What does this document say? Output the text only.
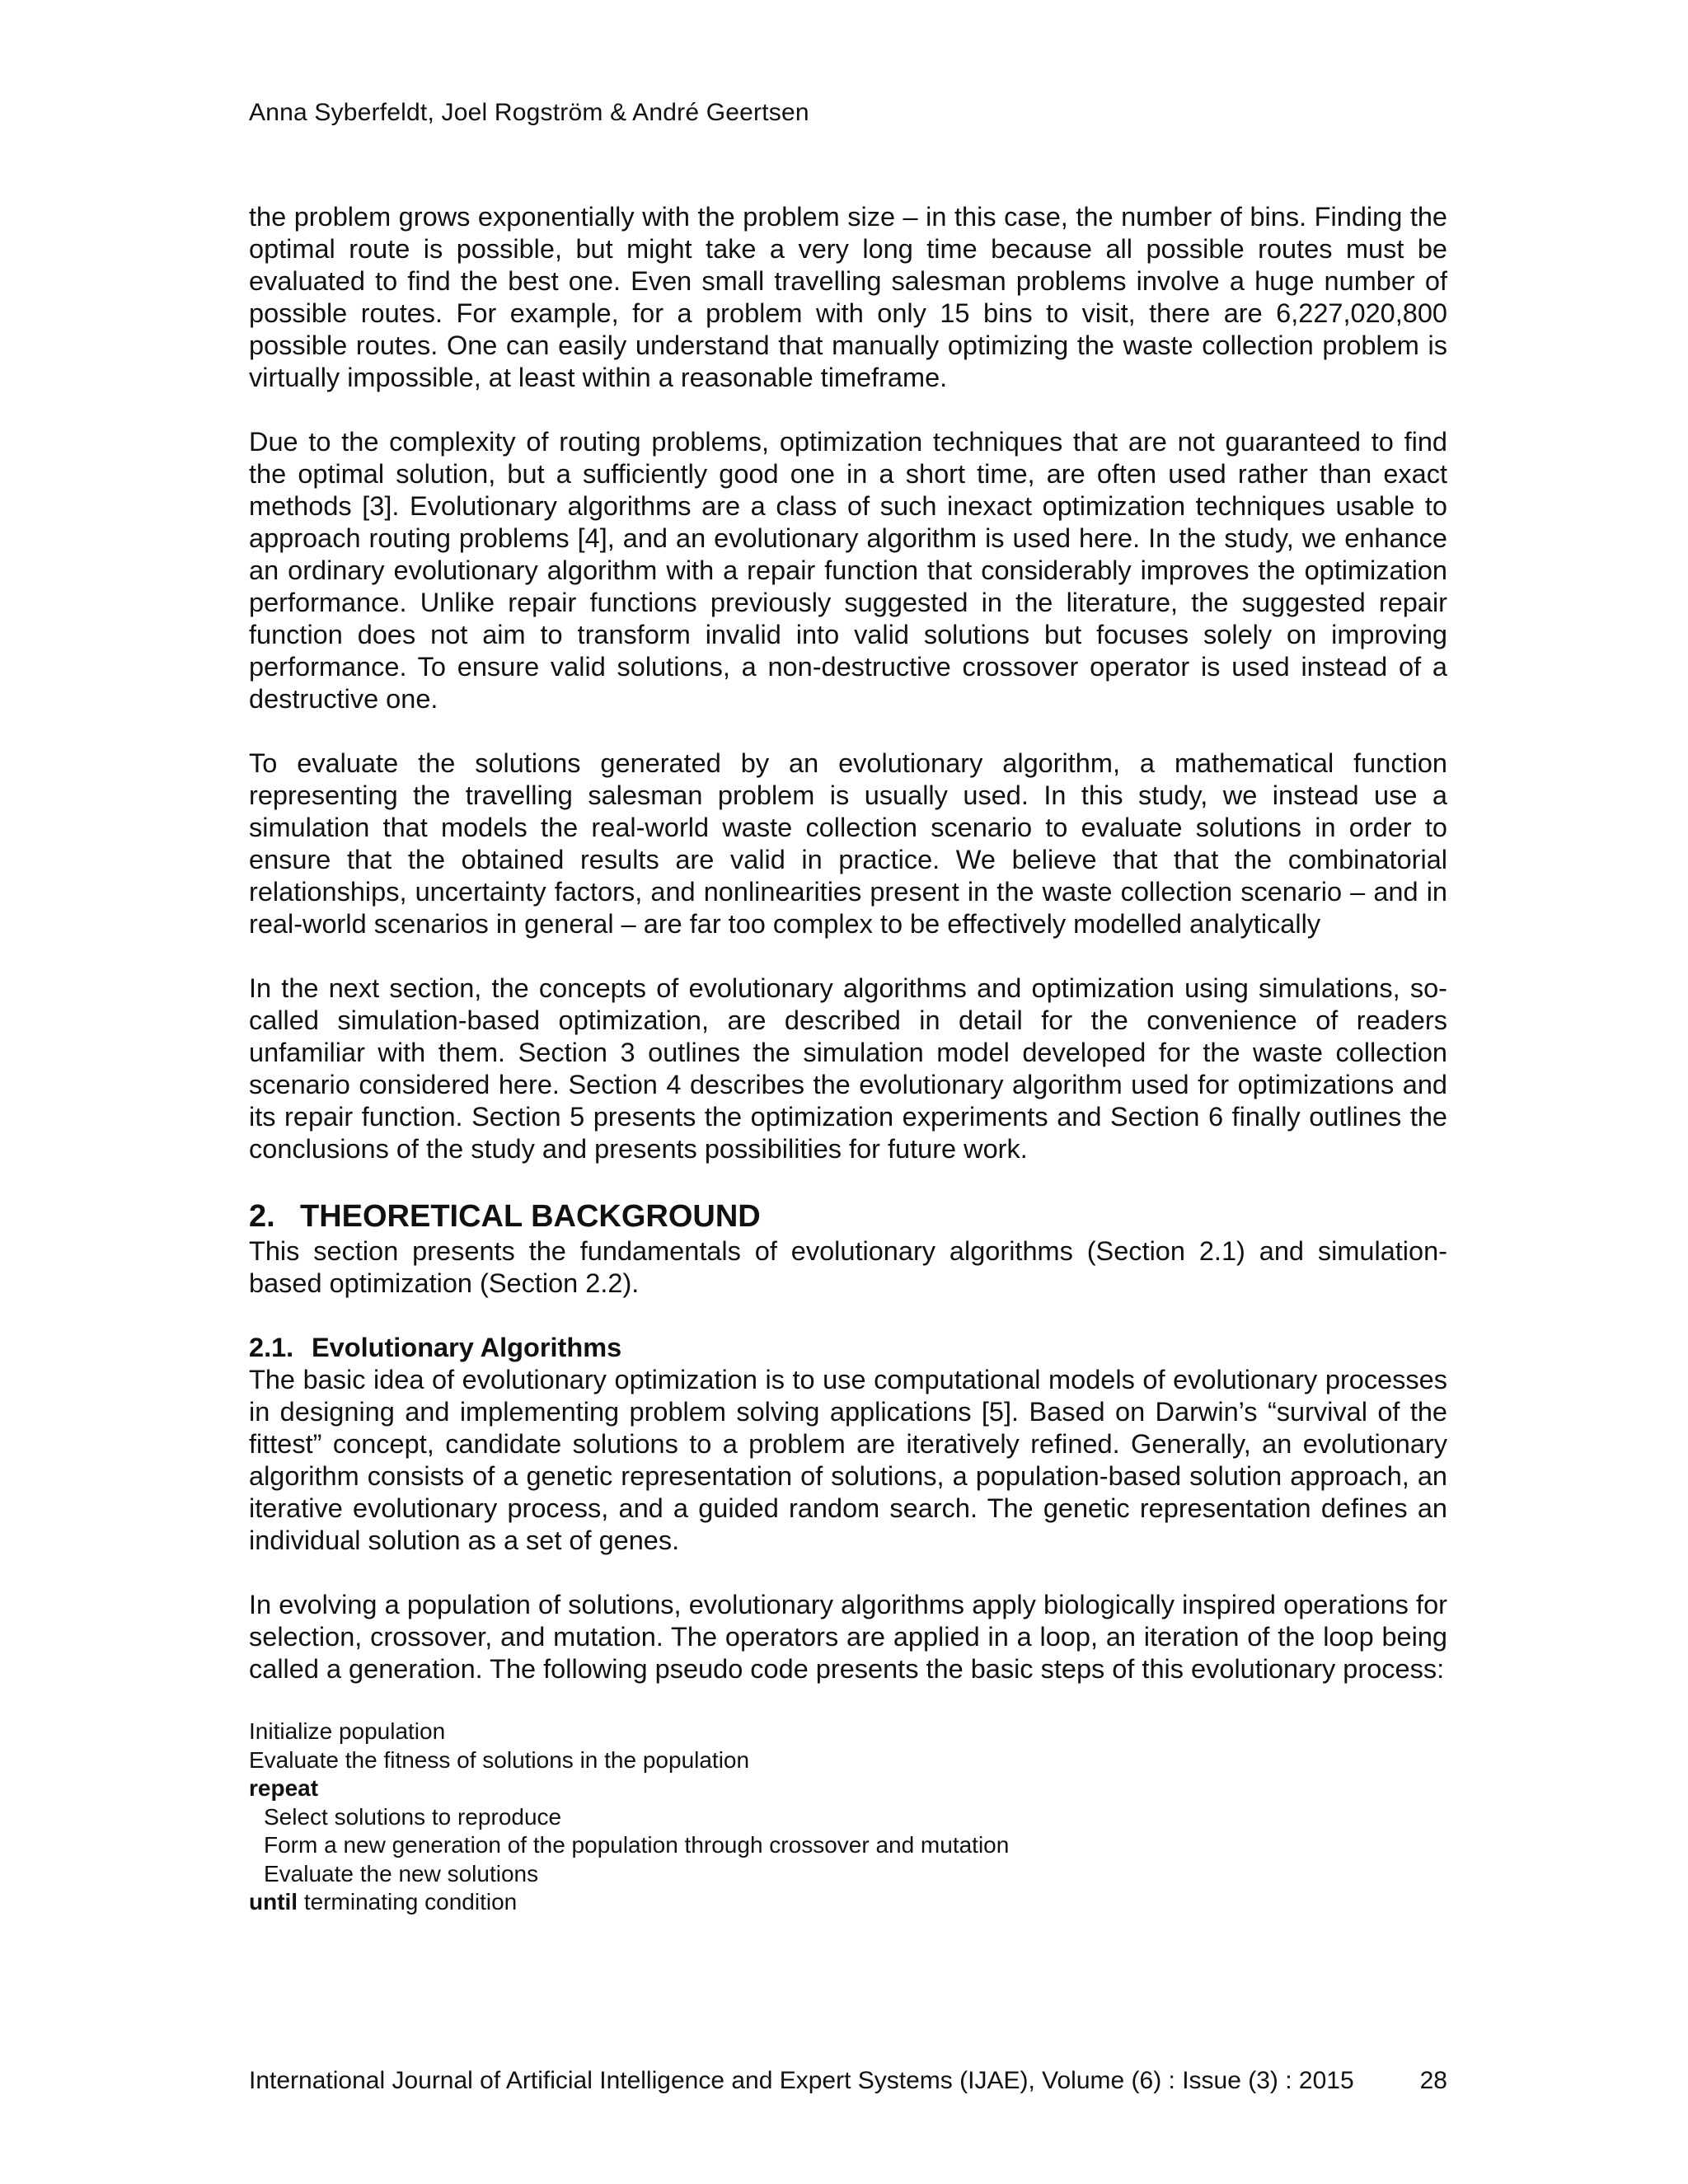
Anna Syberfeldt, Joel Rogström & André Geertsen

the problem grows exponentially with the problem size – in this case, the number of bins. Finding the optimal route is possible, but might take a very long time because all possible routes must be evaluated to find the best one. Even small travelling salesman problems involve a huge number of possible routes. For example, for a problem with only 15 bins to visit, there are 6,227,020,800 possible routes. One can easily understand that manually optimizing the waste collection problem is virtually impossible, at least within a reasonable timeframe.

Due to the complexity of routing problems, optimization techniques that are not guaranteed to find the optimal solution, but a sufficiently good one in a short time, are often used rather than exact methods [3]. Evolutionary algorithms are a class of such inexact optimization techniques usable to approach routing problems [4], and an evolutionary algorithm is used here. In the study, we enhance an ordinary evolutionary algorithm with a repair function that considerably improves the optimization performance. Unlike repair functions previously suggested in the literature, the suggested repair function does not aim to transform invalid into valid solutions but focuses solely on improving performance. To ensure valid solutions, a non-destructive crossover operator is used instead of a destructive one.

To evaluate the solutions generated by an evolutionary algorithm, a mathematical function representing the travelling salesman problem is usually used. In this study, we instead use a simulation that models the real-world waste collection scenario to evaluate solutions in order to ensure that the obtained results are valid in practice. We believe that that the combinatorial relationships, uncertainty factors, and nonlinearities present in the waste collection scenario – and in real-world scenarios in general – are far too complex to be effectively modelled analytically

In the next section, the concepts of evolutionary algorithms and optimization using simulations, so-called simulation-based optimization, are described in detail for the convenience of readers unfamiliar with them. Section 3 outlines the simulation model developed for the waste collection scenario considered here. Section 4 describes the evolutionary algorithm used for optimizations and its repair function. Section 5 presents the optimization experiments and Section 6 finally outlines the conclusions of the study and presents possibilities for future work.

2. THEORETICAL BACKGROUND

This section presents the fundamentals of evolutionary algorithms (Section 2.1) and simulation-based optimization (Section 2.2).

2.1. Evolutionary Algorithms

The basic idea of evolutionary optimization is to use computational models of evolutionary processes in designing and implementing problem solving applications [5]. Based on Darwin’s “survival of the fittest” concept, candidate solutions to a problem are iteratively refined. Generally, an evolutionary algorithm consists of a genetic representation of solutions, a population-based solution approach, an iterative evolutionary process, and a guided random search. The genetic representation defines an individual solution as a set of genes.

In evolving a population of solutions, evolutionary algorithms apply biologically inspired operations for selection, crossover, and mutation. The operators are applied in a loop, an iteration of the loop being called a generation. The following pseudo code presents the basic steps of this evolutionary process:

Initialize population
Evaluate the fitness of solutions in the population
repeat
Select solutions to reproduce
Form a new generation of the population through crossover and mutation
Evaluate the new solutions
until terminating condition
International Journal of Artificial Intelligence and Expert Systems (IJAE), Volume (6) : Issue (3) : 2015	28
